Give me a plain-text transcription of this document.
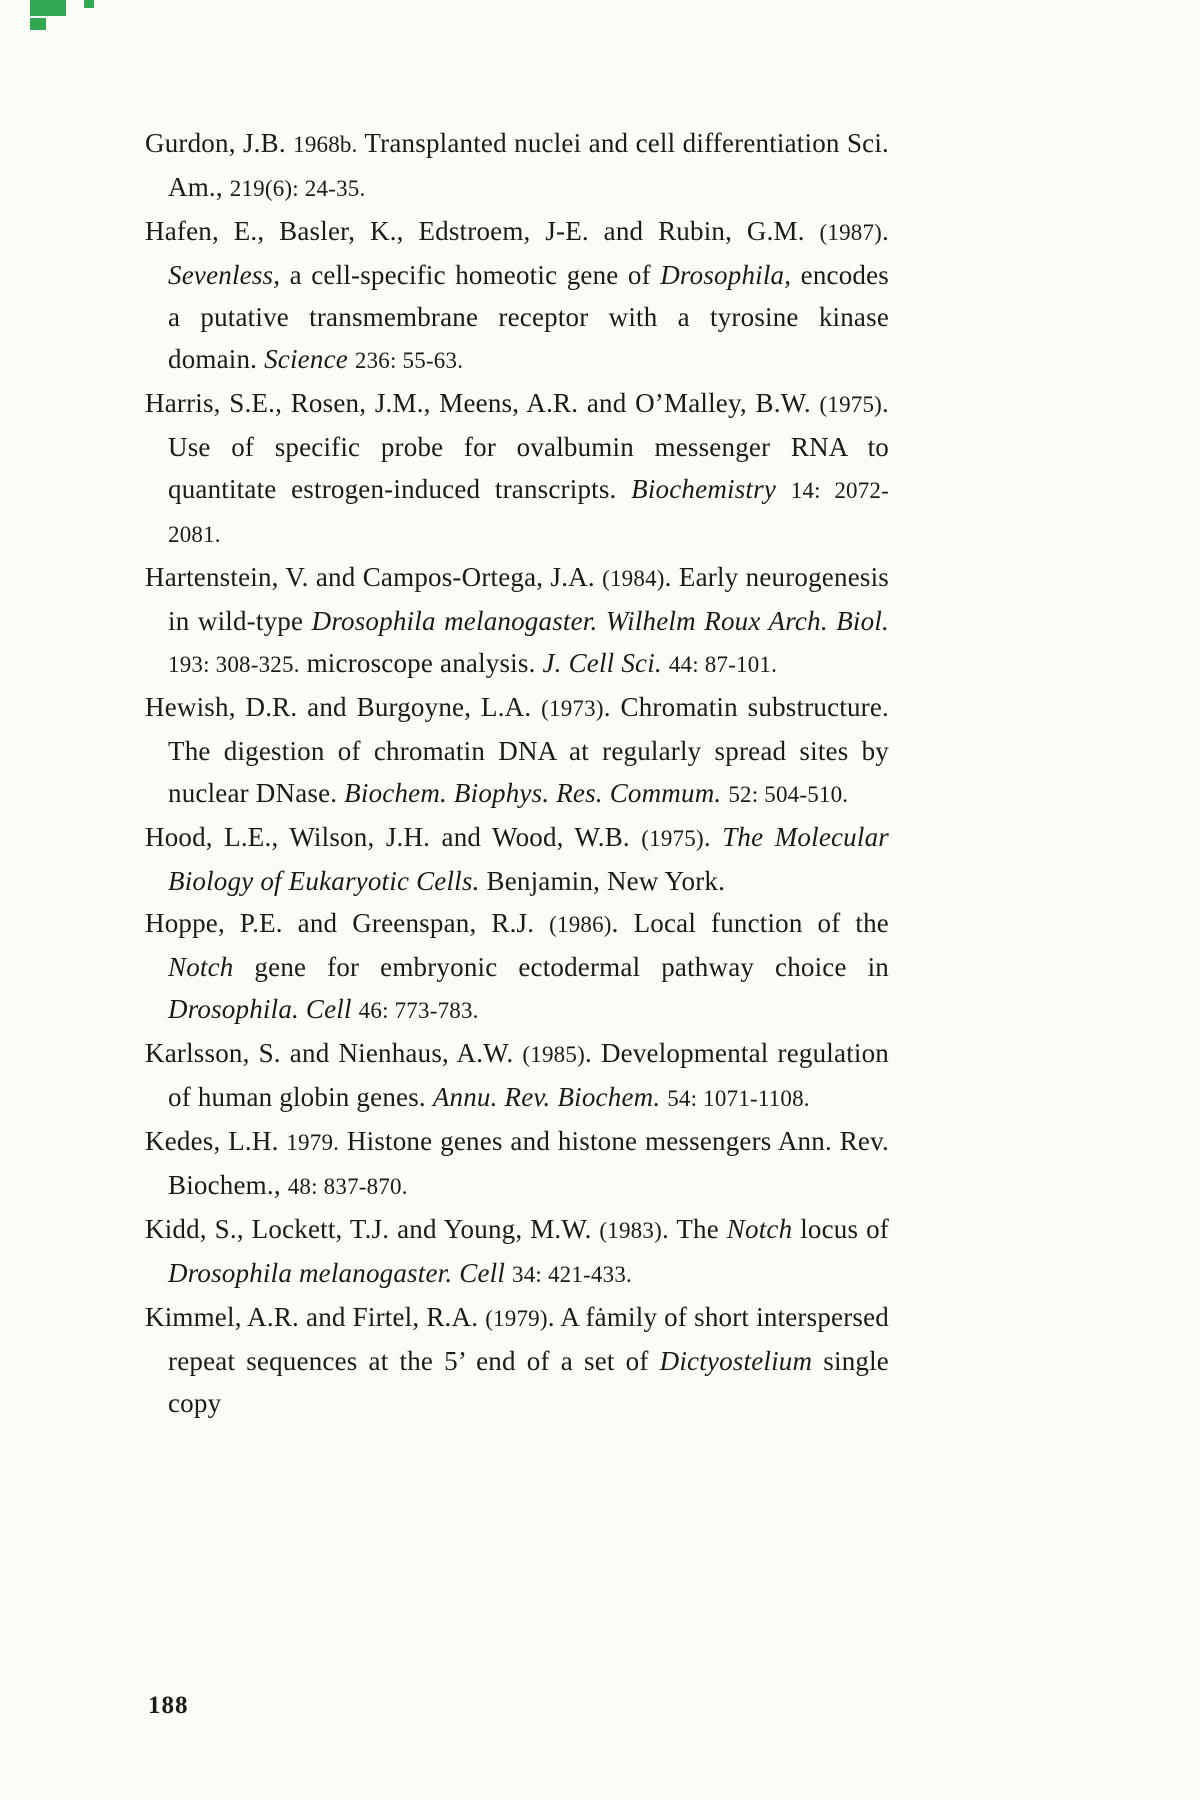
Gurdon, J.B. 1968b. Transplanted nuclei and cell differentiation Sci. Am., 219(6): 24-35.

Hafen, E., Basler, K., Edstroem, J-E. and Rubin, G.M. (1987). Sevenless, a cell-specific homeotic gene of Drosophila, encodes a putative transmembrane receptor with a tyrosine kinase domain. Science 236: 55-63.

Harris, S.E., Rosen, J.M., Meens, A.R. and O’Malley, B.W. (1975). Use of specific probe for ovalbumin messenger RNA to quantitate estrogen-induced transcripts. Biochemistry 14: 2072-2081.

Hartenstein, V. and Campos-Ortega, J.A. (1984). Early neurogenesis in wild-type Drosophila melanogaster. Wilhelm Roux Arch. Biol. 193: 308-325. microscope analysis. J. Cell Sci. 44: 87-101.

Hewish, D.R. and Burgoyne, L.A. (1973). Chromatin substructure. The digestion of chromatin DNA at regularly spread sites by nuclear DNase. Biochem. Biophys. Res. Commum. 52: 504-510.

Hood, L.E., Wilson, J.H. and Wood, W.B. (1975). The Molecular Biology of Eukaryotic Cells. Benjamin, New York.

Hoppe, P.E. and Greenspan, R.J. (1986). Local function of the Notch gene for embryonic ectodermal pathway choice in Drosophila. Cell 46: 773-783.

Karlsson, S. and Nienhaus, A.W. (1985). Developmental regulation of human globin genes. Annu. Rev. Biochem. 54: 1071-1108.

Kedes, L.H. 1979. Histone genes and histone messengers Ann. Rev. Biochem., 48: 837-870.

Kidd, S., Lockett, T.J. and Young, M.W. (1983). The Notch locus of Drosophila melanogaster. Cell 34: 421-433.

Kimmel, A.R. and Firtel, R.A. (1979). A fȧmily of short interspersed repeat sequences at the 5’ end of a set of Dictyostelium single copy

188
